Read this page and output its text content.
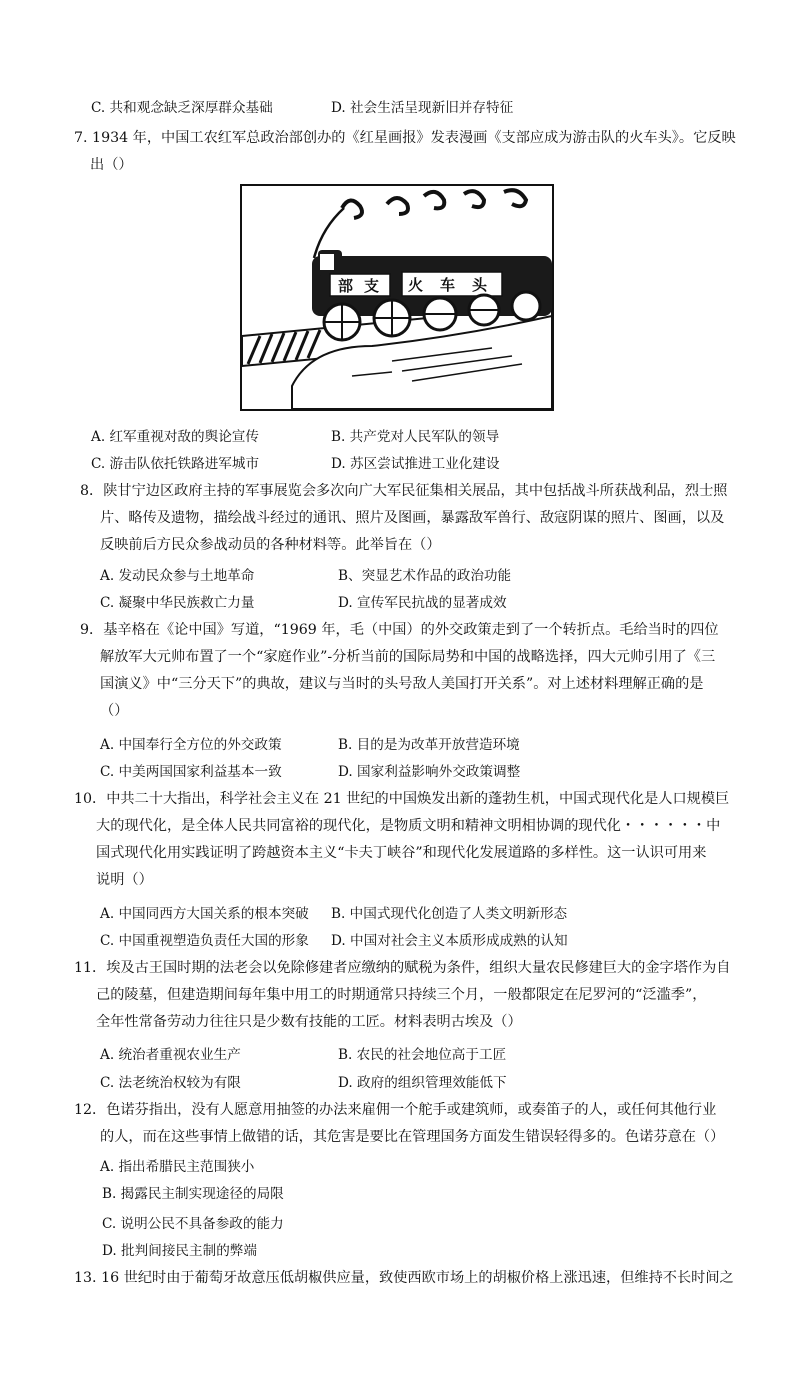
C. 共和观念缺乏深厚群众基础	D. 社会生活呈现新旧并存特征
7. 1934 年，中国工农红军总政治部创办的《红星画报》发表漫画《支部应成为游击队的火车头》。它反映
出（）
部 支 火 车 头
A. 红军重视对敌的舆论宣传	B. 共产党对人民军队的领导
C. 游击队依托铁路进军城市	D. 苏区尝试推进工业化建设
8．陕甘宁边区政府主持的军事展览会多次向广大军民征集相关展品，其中包括战斗所获战利品，烈士照
片、略传及遗物，描绘战斗经过的通讯、照片及图画，暴露敌军兽行、敌寇阴谋的照片、图画，以及
反映前后方民众参战动员的各种材料等。此举旨在（）
A. 发动民众参与土地革命	B、突显艺术作品的政治功能
C. 凝聚中华民族救亡力量	D. 宣传军民抗战的显著成效
9．基辛格在《论中国》写道，“1969 年，毛（中国）的外交政策走到了一个转折点。毛给当时的四位
解放军大元帅布置了一个“家庭作业”-分析当前的国际局势和中国的战略选择，四大元帅引用了《三
国演义》中“三分天下”的典故，建议与当时的头号敌人美国打开关系”。对上述材料理解正确的是
（）
A. 中国奉行全方位的外交政策	B. 目的是为改革开放营造环境
C. 中美两国国家利益基本一致	D. 国家利益影响外交政策调整
10．中共二十大指出，科学社会主义在 21 世纪的中国焕发出新的蓬勃生机，中国式现代化是人口规模巨
大的现代化，是全体人民共同富裕的现代化，是物质文明和精神文明相协调的现代化・・・・・・中
国式现代化用实践证明了跨越资本主义“卡夫丁峡谷”和现代化发展道路的多样性。这一认识可用来
说明（）
A. 中国同西方大国关系的根本突破 B. 中国式现代化创造了人类文明新形态
C. 中国重视塑造负责任大国的形象 D. 中国对社会主义本质形成成熟的认知
11．埃及古王国时期的法老会以免除修建者应缴纳的赋税为条件，组织大量农民修建巨大的金字塔作为自
己的陵墓，但建造期间每年集中用工的时期通常只持续三个月，一般都限定在尼罗河的“泛滥季”，
全年性常备劳动力往往只是少数有技能的工匠。材料表明古埃及（）
A. 统治者重视农业生产	B. 农民的社会地位高于工匠
C. 法老统治权较为有限	D. 政府的组织管理效能低下
12．色诺芬指出，没有人愿意用抽签的办法来雇佣一个舵手或建筑师，或奏笛子的人，或任何其他行业
的人，而在这些事情上做错的话，其危害是要比在管理国务方面发生错误轻得多的。色诺芬意在（）
A. 指出希腊民主范围狭小
B. 揭露民主制实现途径的局限
C. 说明公民不具备参政的能力
D. 批判间接民主制的弊端
13. 16 世纪时由于葡萄牙故意压低胡椒供应量，致使西欧市场上的胡椒价格上涨迅速，但维持不长时间之
